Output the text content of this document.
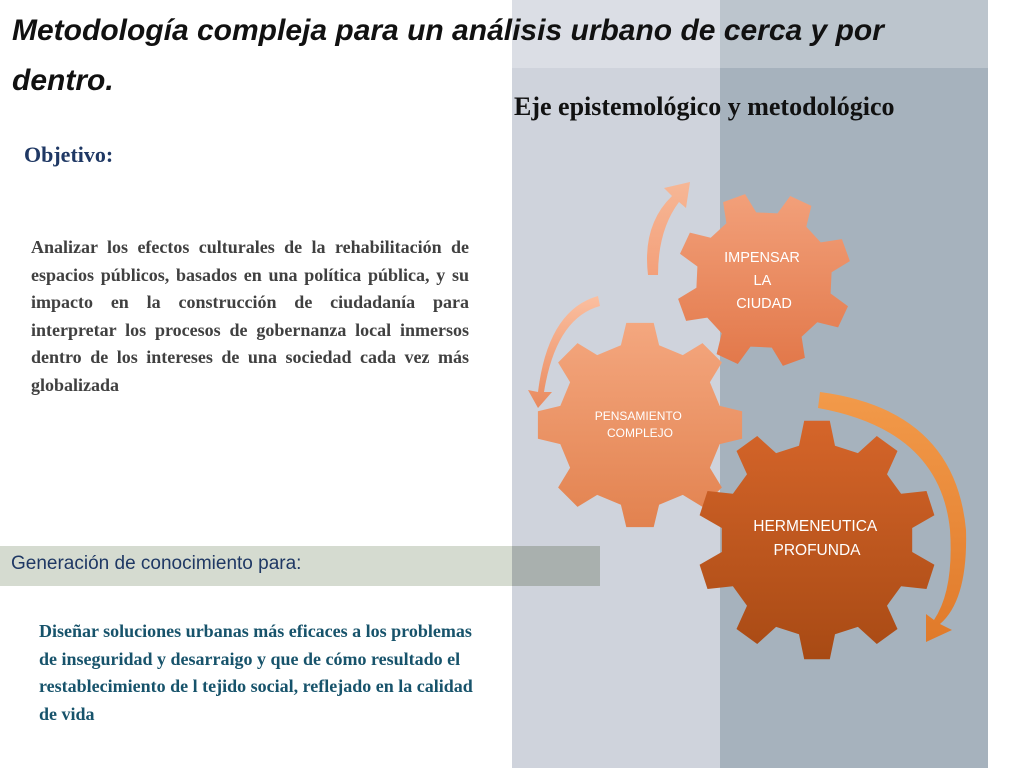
Metodología compleja para un análisis urbano de cerca y por dentro.
Eje epistemológico y metodológico
Objetivo:

Analizar los efectos culturales de la rehabilitación de espacios públicos, basados en una política pública, y su impacto en la construcción de ciudadanía para interpretar los procesos de gobernanza local inmersos dentro de los intereses de una sociedad cada vez más globalizada

Generación de conocimiento para:

Diseñar soluciones urbanas más eficaces a los problemas de inseguridad y desarraigo y que de cómo resultado el restablecimiento de l tejido social, reflejado en la calidad de vida

IMPENSAR LA CIUDAD
PENSAMIENTO COMPLEJO
HERMENEUTICA PROFUNDA
